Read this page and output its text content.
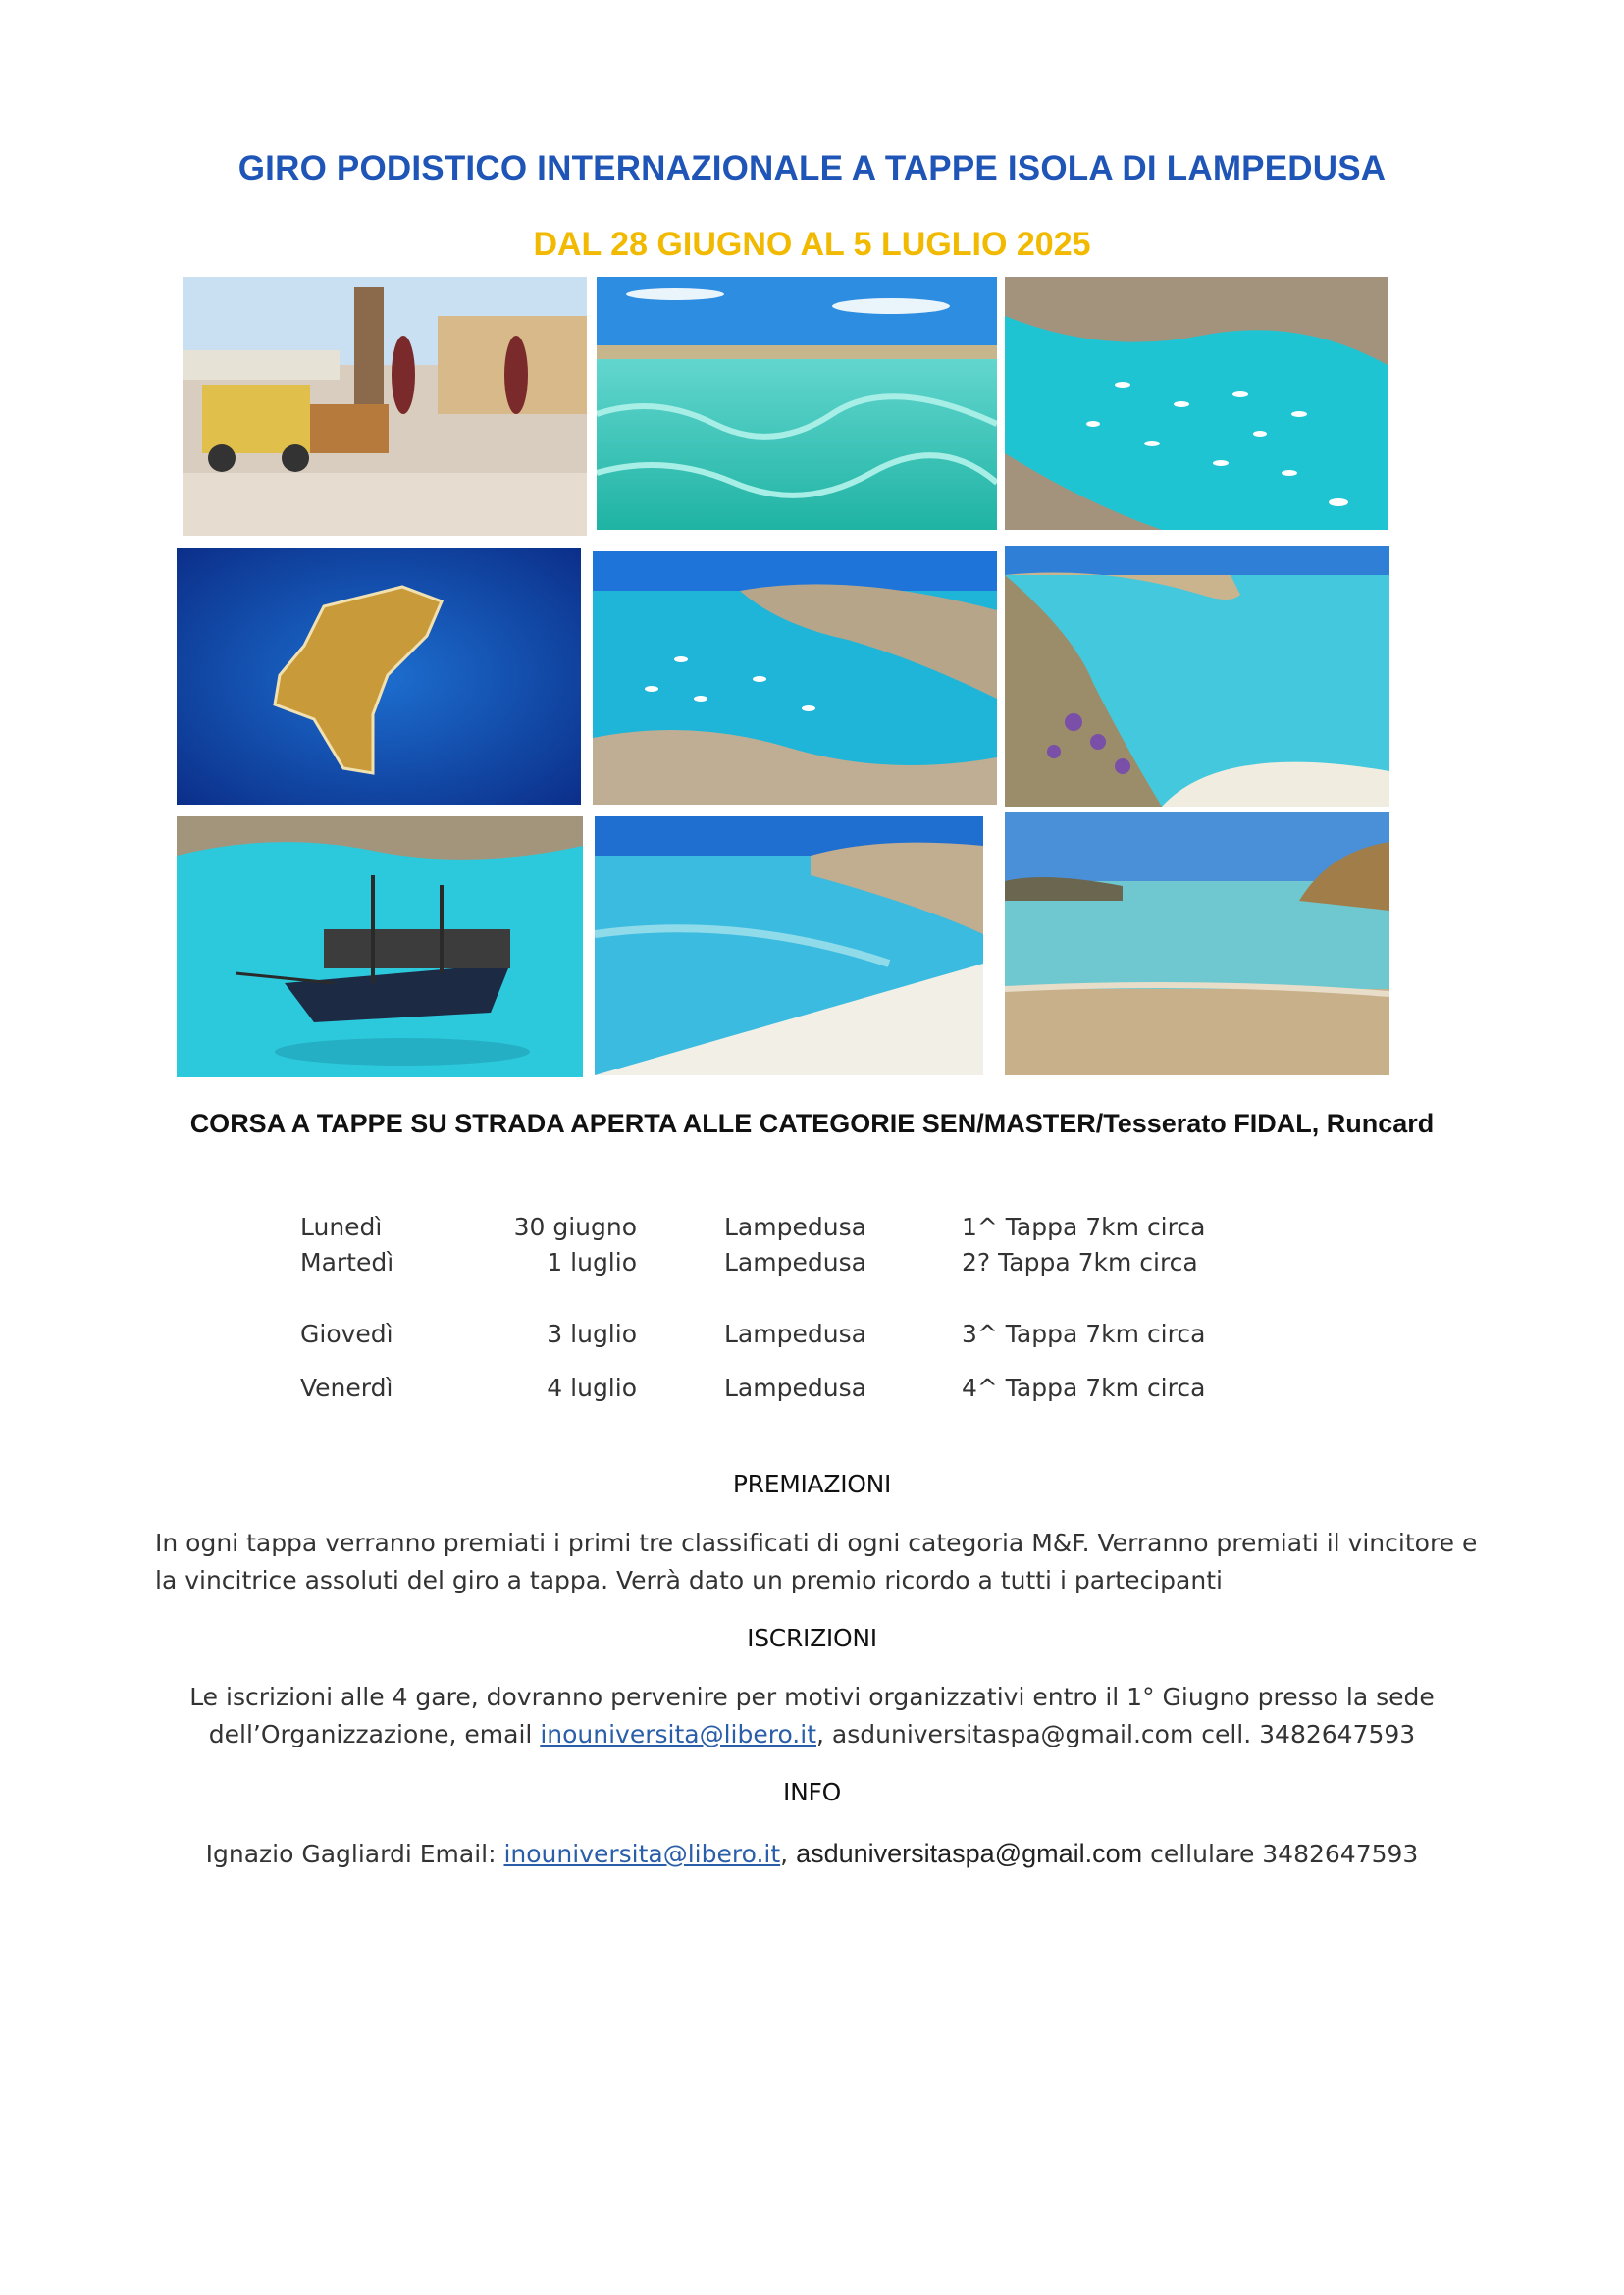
GIRO PODISTICO INTERNAZIONALE A TAPPE ISOLA DI LAMPEDUSA
DAL 28 GIUGNO AL 5 LUGLIO 2025
CORSA A TAPPE SU STRADA APERTA ALLE CATEGORIE SEN/MASTER/Tesserato FIDAL, Runcard
Lunedì	30 giugno	Lampedusa	1^ Tappa 7km circa
Martedì	1 luglio	Lampedusa	2? Tappa 7km circa
Giovedì	3 luglio	Lampedusa	3^ Tappa 7km circa
Venerdì	4 luglio	Lampedusa	4^ Tappa 7km circa
PREMIAZIONI
In ogni tappa verranno premiati i primi tre classificati di ogni categoria M&F. Verranno premiati il vincitore e
la vincitrice assoluti del giro a tappa. Verrà dato un premio ricordo a tutti i partecipanti
ISCRIZIONI
Le iscrizioni alle 4 gare, dovranno pervenire per motivi organizzativi entro il 1° Giugno presso la sede
dell’Organizzazione, email inouniversita@libero.it, asduniversitaspa@gmail.com cell. 3482647593
INFO
Ignazio Gagliardi Email: inouniversita@libero.it, asduniversitaspa@gmail.com cellulare 3482647593
